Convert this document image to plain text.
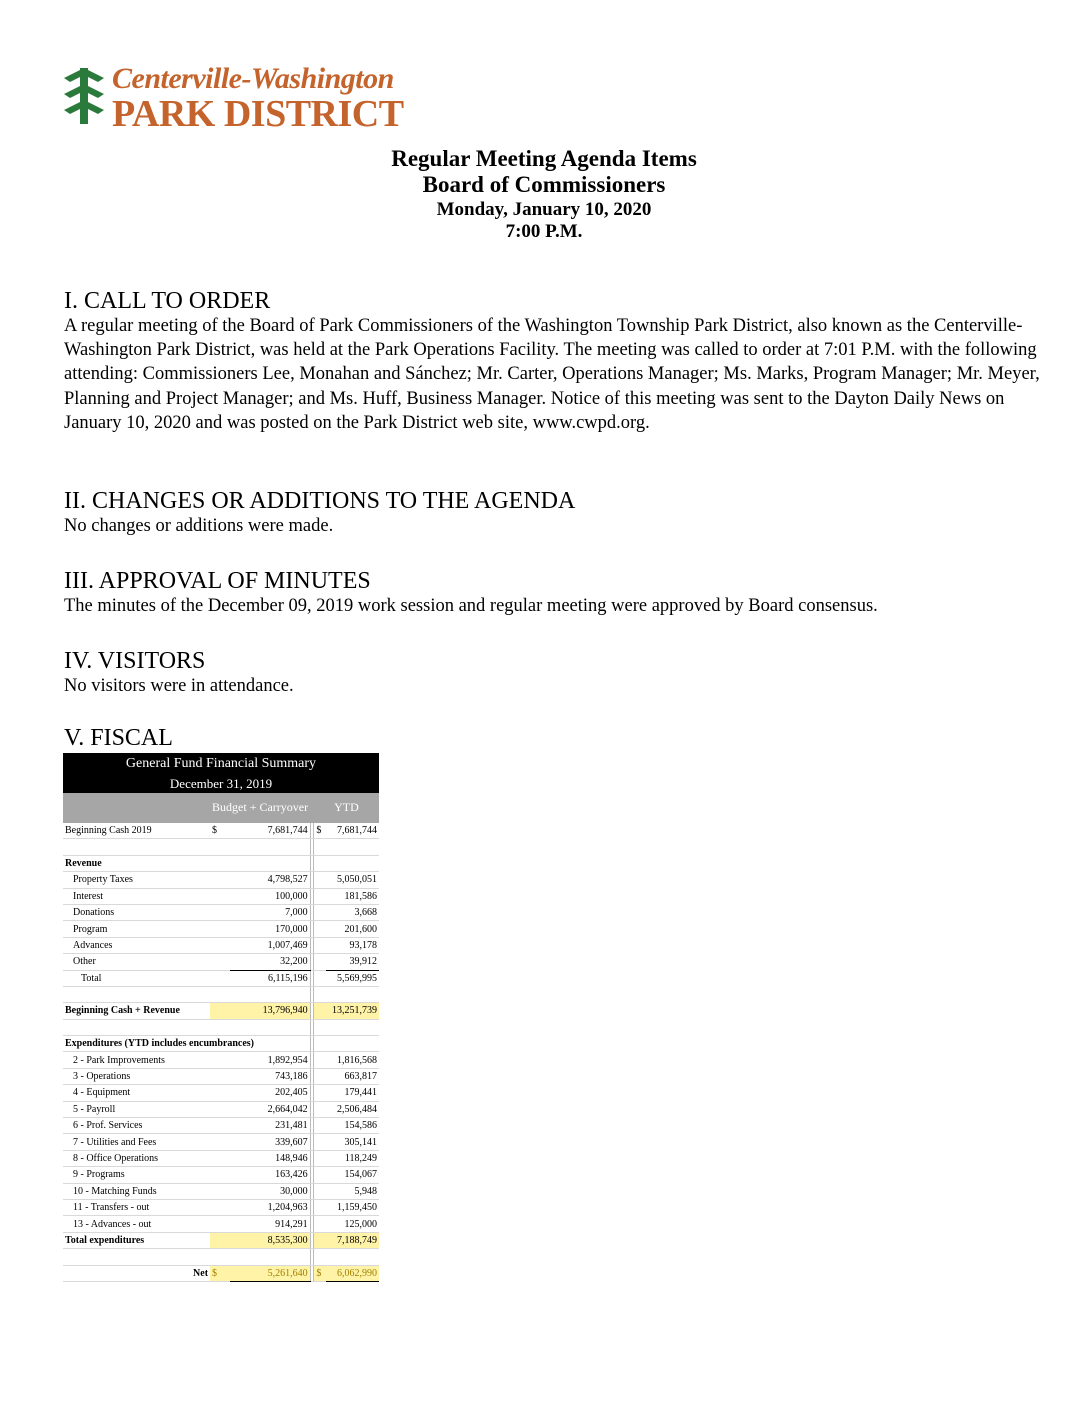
Centerville-Washington
PARK DISTRICT
Regular Meeting Agenda Items
Board of Commissioners
Monday, January 10, 2020
7:00 P.M.
I. CALL TO ORDER
A regular meeting of the Board of Park Commissioners of the Washington Township Park District, also known as the Centerville-Washington Park District, was held at the Park Operations Facility. The meeting was called to order at 7:01 P.M. with the following attending: Commissioners Lee, Monahan and Sánchez; Mr. Carter, Operations Manager; Ms. Marks, Program Manager; Mr. Meyer, Planning and Project Manager; and Ms. Huff, Business Manager. Notice of this meeting was sent to the Dayton Daily News on January 10, 2020 and was posted on the Park District web site, www.cwpd.org.
II. CHANGES OR ADDITIONS TO THE AGENDA
No changes or additions were made.
III. APPROVAL OF MINUTES
The minutes of the December 09, 2019 work session and regular meeting were approved by Board consensus.
IV. VISITORS
No visitors were in attendance.
V. FISCAL
General Fund Financial Summary					
December 31, 2019					
	Budget + Carryover			YTD	
Beginning Cash 2019	$	7,681,744		$	7,681,744

Revenue					
Property Taxes		4,798,527			5,050,051
Interest		100,000			181,586
Donations		7,000			3,668
Program		170,000			201,600
Advances		1,007,469			93,178
Other		32,200			39,912
Total		6,115,196			5,569,995

Beginning Cash + Revenue		13,796,940			13,251,739

Expenditures (YTD includes encumbrances)					
2 - Park Improvements		1,892,954			1,816,568
3 - Operations		743,186			663,817
4 - Equipment		202,405			179,441
5 - Payroll		2,664,042			2,506,484
6 - Prof. Services		231,481			154,586
7 - Utilities and Fees		339,607			305,141
8 - Office Operations		148,946			118,249
9 - Programs		163,426			154,067
10 - Matching Funds		30,000			5,948
11 - Transfers - out		1,204,963			1,159,450
13 - Advances - out		914,291			125,000
Total expenditures		8,535,300			7,188,749

Net	$	5,261,640		$	6,062,990
